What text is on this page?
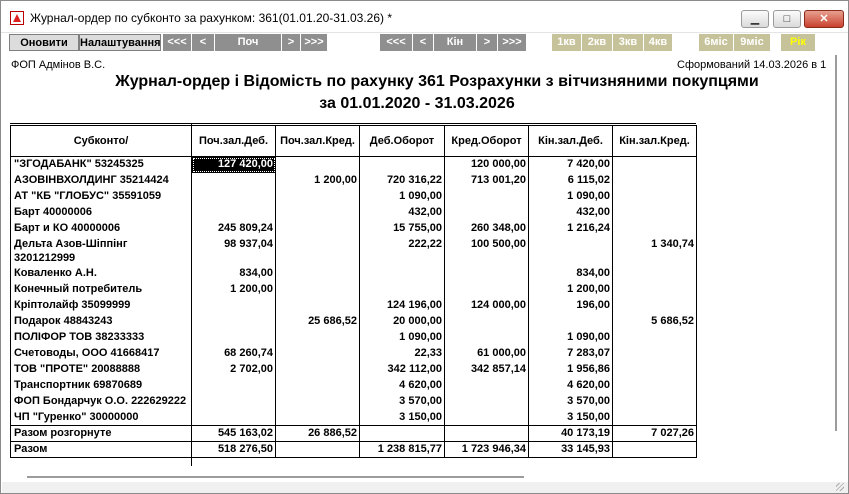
Журнал-ордер по субконто за рахунком: 361(01.01.20-31.03.26) *	▁	□	✕
Оновити	Налаштування <<<	<	Поч	> >>>	<<<	<	Кін	>	>>>	1кв	2кв	3кв	4кв	6міс	9міс	Рік
ФОП Адмінов В.С.	Сформований 14.03.2026 в 1
Журнал-ордер і Відомість по рахунку 361 Розрахунки з вітчизняними покупцями
за 01.01.2020 - 31.03.2026
Субконто/	Поч.зал.Деб.	Поч.зал.Кред.	Деб.Оборот	Кред.Оборот	Кін.зал.Деб.	Кін.зал.Кред.
"ЗГОДАБАНК" 53245325	127 420,00			120 000,00	7 420,00	
АЗОВІНВХОЛДИНГ 35214424		1 200,00	720 316,22	713 001,20	6 115,02	
АТ "КБ "ГЛОБУС" 35591059			1 090,00		1 090,00	
Барт 40000006			432,00		432,00	
Барт и КО 40000006	245 809,24		15 755,00	260 348,00	1 216,24	
Дельта Азов-Шіппінг 3201212999	98 937,04		222,22	100 500,00		1 340,74
Коваленко А.Н.	834,00				834,00	
Конечный потребитель	1 200,00				1 200,00	
Кріптолайф 35099999			124 196,00	124 000,00	196,00	
Подарок 48843243		25 686,52	20 000,00			5 686,52
ПОЛІФОР ТОВ 38233333			1 090,00		1 090,00	
Счетоводы, ООО 41668417	68 260,74		22,33	61 000,00	7 283,07	
ТОВ "ПРОТЕ" 20088888	2 702,00		342 112,00	342 857,14	1 956,86	
Транспортник 69870689			4 620,00		4 620,00	
ФОП Бондарчук О.О. 222629222			3 570,00		3 570,00	
ЧП "Гуренко" 30000000			3 150,00		3 150,00	
Разом розгорнуте	545 163,02	26 886,52			40 173,19	7 027,26
Разом	518 276,50		1 238 815,77	1 723 946,34	33 145,93	
